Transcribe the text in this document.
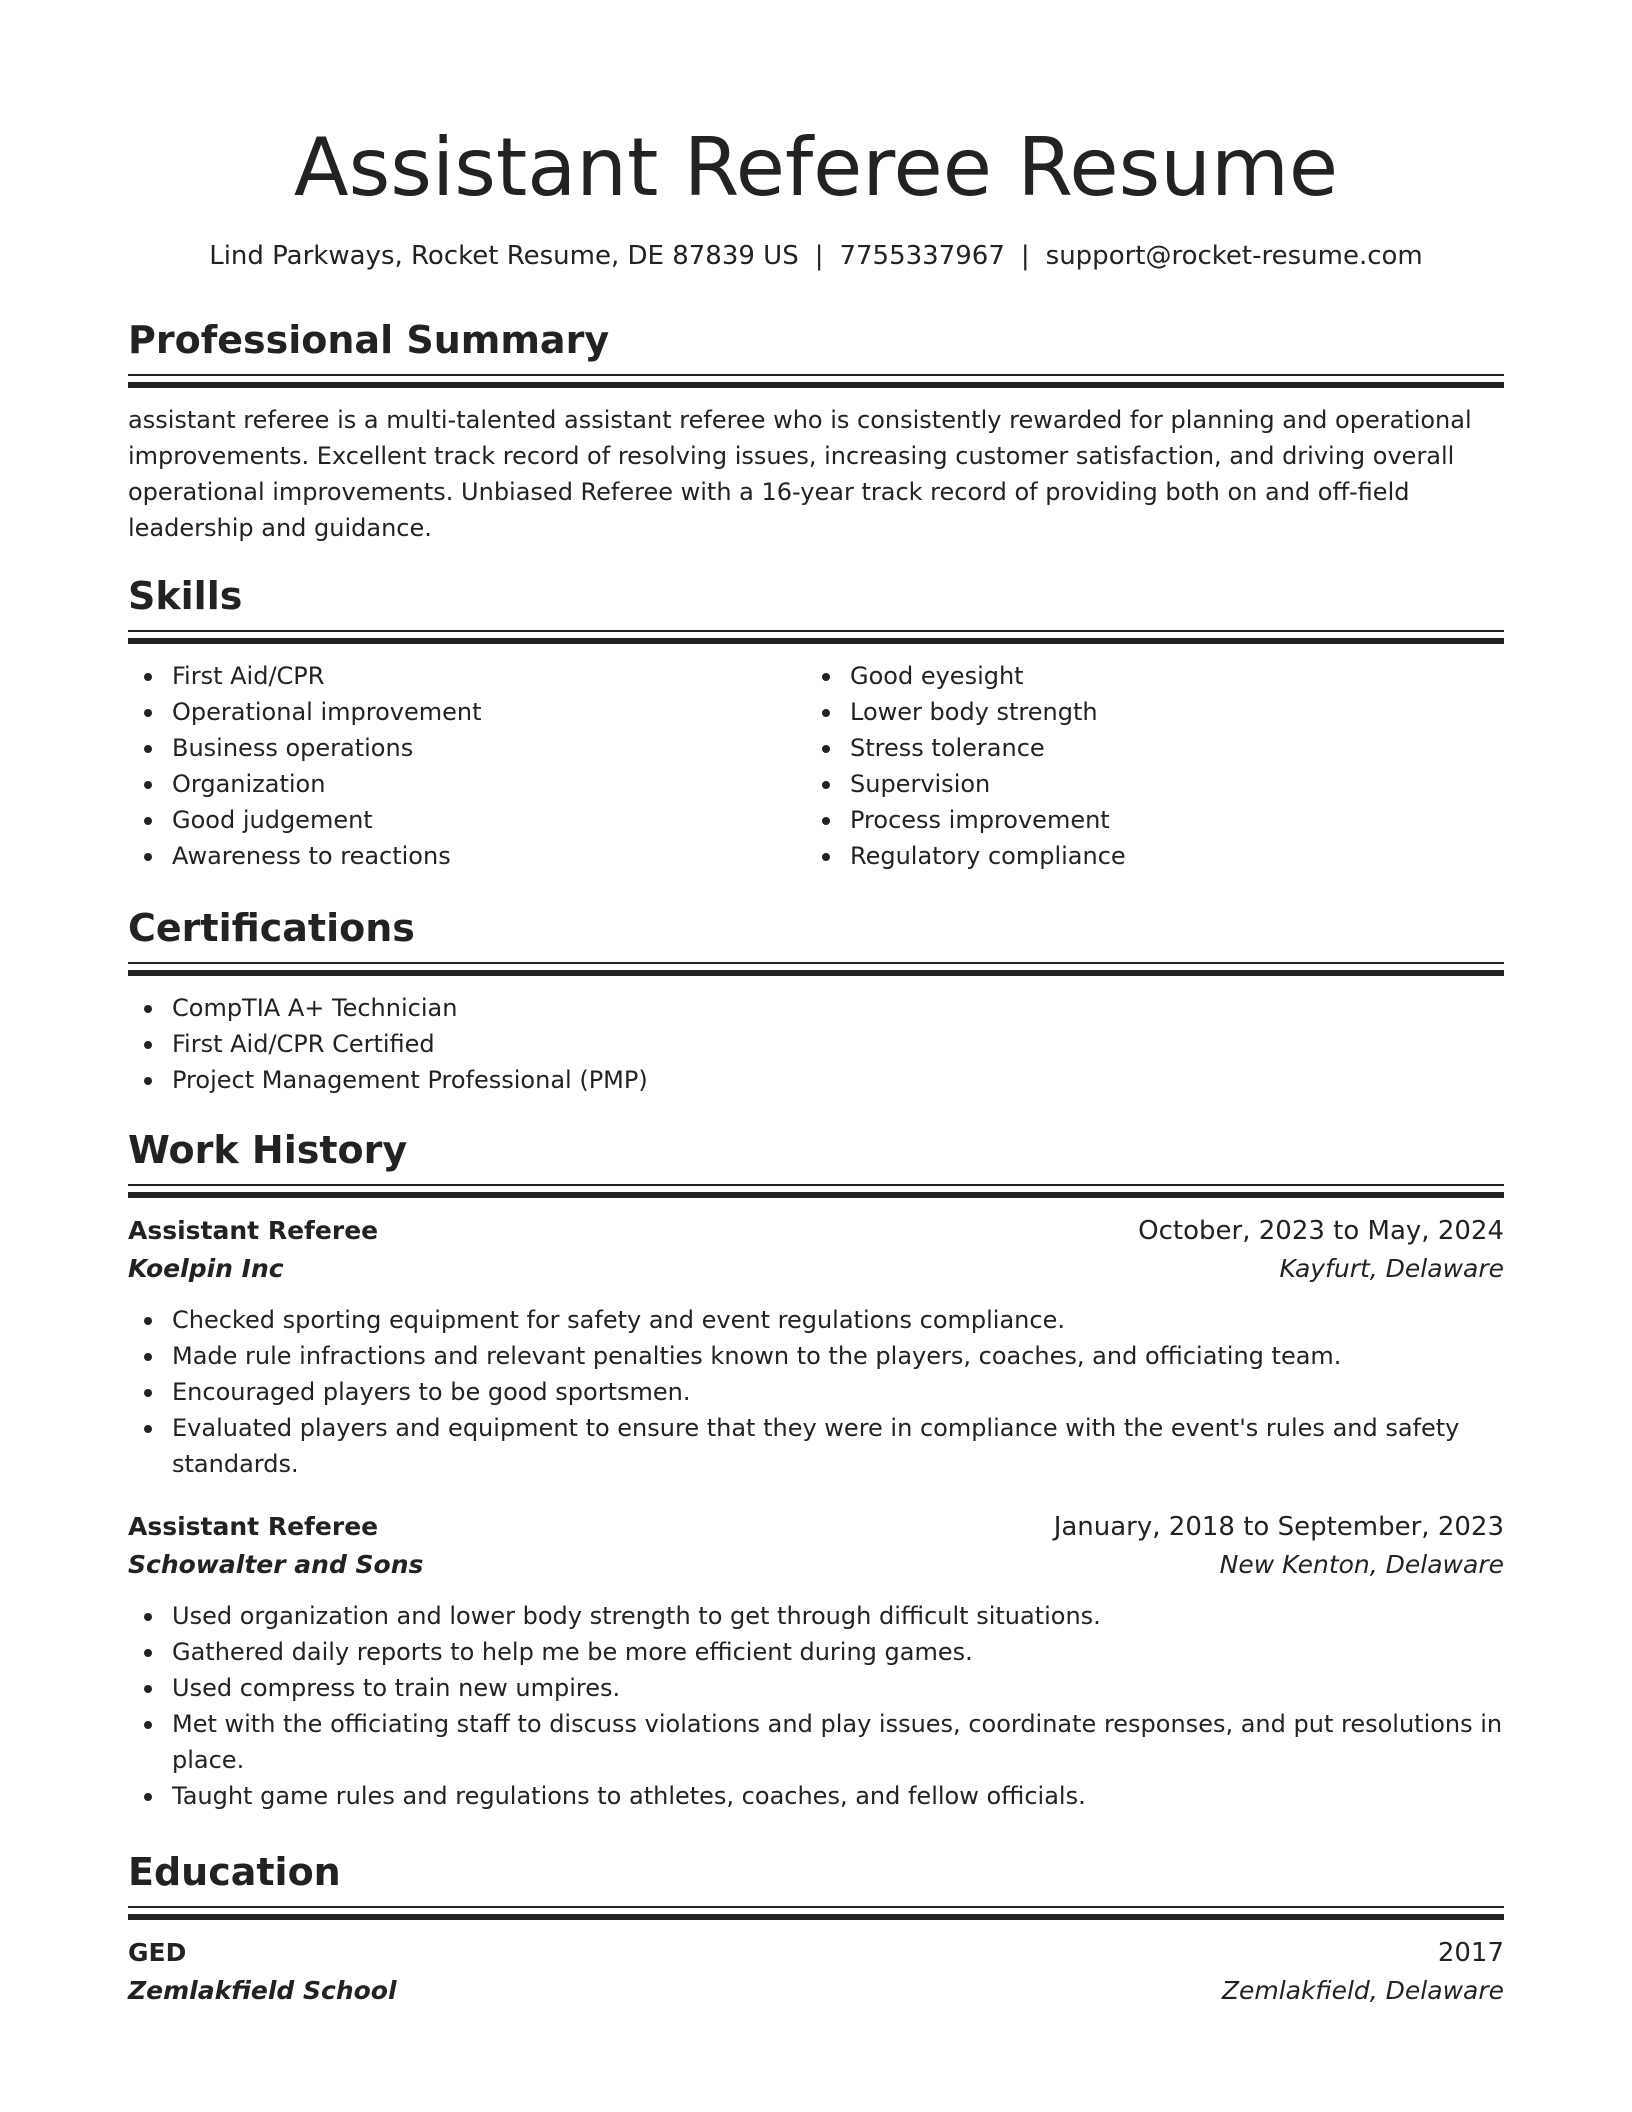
Assistant Referee Resume
Lind Parkways, Rocket Resume, DE 87839 US | 7755337967 | support@rocket-resume.com
Professional Summary

assistant referee is a multi-talented assistant referee who is consistently rewarded for planning and operational improvements. Excellent track record of resolving issues, increasing customer satisfaction, and driving overall operational improvements. Unbiased Referee with a 16-year track record of providing both on and off-field leadership and guidance.

Skills
First Aid/CPR
Operational improvement
Business operations
Organization
Good judgement
Awareness to reactions
Good eyesight
Lower body strength
Stress tolerance
Supervision
Process improvement
Regulatory compliance
Certifications
CompTIA A+ Technician
First Aid/CPR Certified
Project Management Professional (PMP)
Work History
Assistant Referee	October, 2023 to May, 2024
Koelpin Inc	Kayfurt, Delaware
Checked sporting equipment for safety and event regulations compliance.
Made rule infractions and relevant penalties known to the players, coaches, and officiating team.
Encouraged players to be good sportsmen.
Evaluated players and equipment to ensure that they were in compliance with the event's rules and safety standards.
Assistant Referee	January, 2018 to September, 2023
Schowalter and Sons	New Kenton, Delaware
Used organization and lower body strength to get through difficult situations.
Gathered daily reports to help me be more efficient during games.
Used compress to train new umpires.
Met with the officiating staff to discuss violations and play issues, coordinate responses, and put resolutions in place.
Taught game rules and regulations to athletes, coaches, and fellow officials.
Education
GED	2017
Zemlakfield School	Zemlakfield, Delaware
